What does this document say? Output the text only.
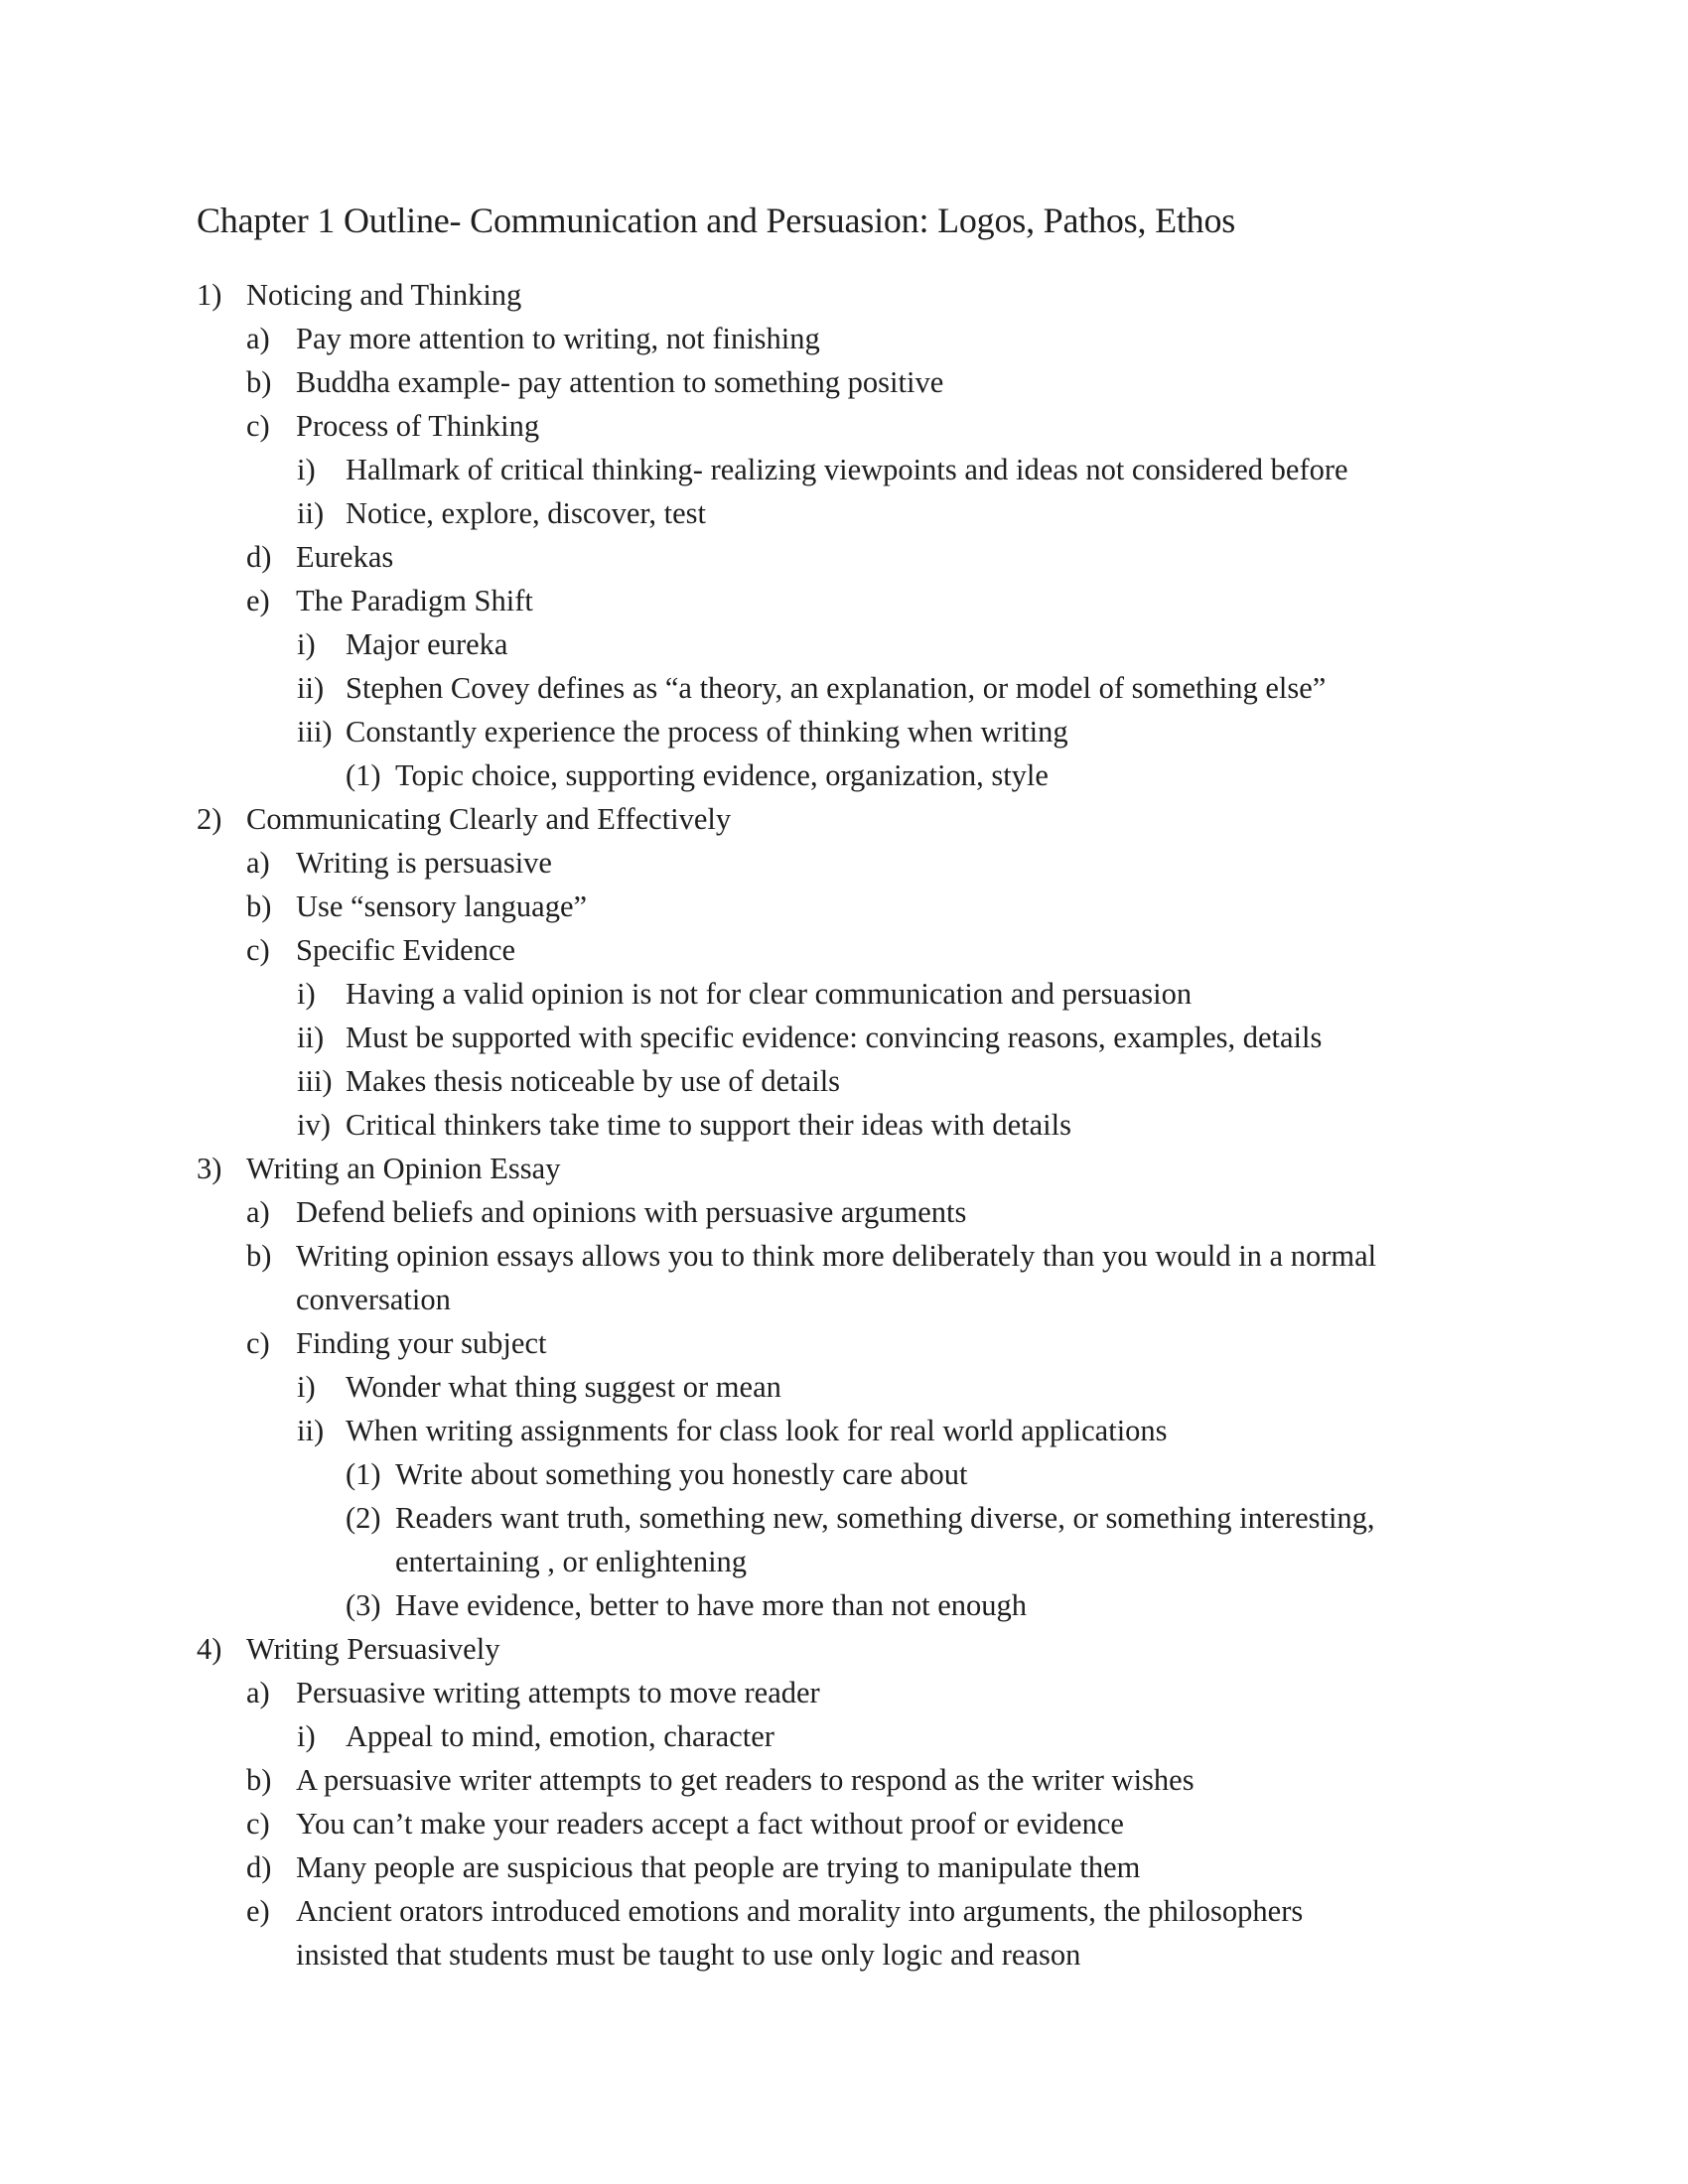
Chapter 1 Outline- Communication and Persuasion: Logos, Pathos, Ethos
1) Noticing and Thinking
a) Pay more attention to writing, not finishing
b) Buddha example- pay attention to something positive
c) Process of Thinking
i) Hallmark of critical thinking- realizing viewpoints and ideas not considered before
ii) Notice, explore, discover, test
d) Eurekas
e) The Paradigm Shift
i) Major eureka
ii) Stephen Covey defines as “a theory, an explanation, or model of something else”
iii) Constantly experience the process of thinking when writing
(1) Topic choice, supporting evidence, organization, style
2) Communicating Clearly and Effectively
a) Writing is persuasive
b) Use “sensory language”
c) Specific Evidence
i) Having a valid opinion is not for clear communication and persuasion
ii) Must be supported with specific evidence: convincing reasons, examples, details
iii) Makes thesis noticeable by use of details
iv) Critical thinkers take time to support their ideas with details
3) Writing an Opinion Essay
a) Defend beliefs and opinions with persuasive arguments
b) Writing opinion essays allows you to think more deliberately than you would in a normal
conversation
c) Finding your subject
i) Wonder what thing suggest or mean
ii) When writing assignments for class look for real world applications
(1) Write about something you honestly care about
(2) Readers want truth, something new, something diverse, or something interesting,
entertaining , or enlightening
(3) Have evidence, better to have more than not enough
4) Writing Persuasively
a) Persuasive writing attempts to move reader
i) Appeal to mind, emotion, character
b) A persuasive writer attempts to get readers to respond as the writer wishes
c) You can’t make your readers accept a fact without proof or evidence
d) Many people are suspicious that people are trying to manipulate them
e) Ancient orators introduced emotions and morality into arguments, the philosophers
insisted that students must be taught to use only logic and reason
